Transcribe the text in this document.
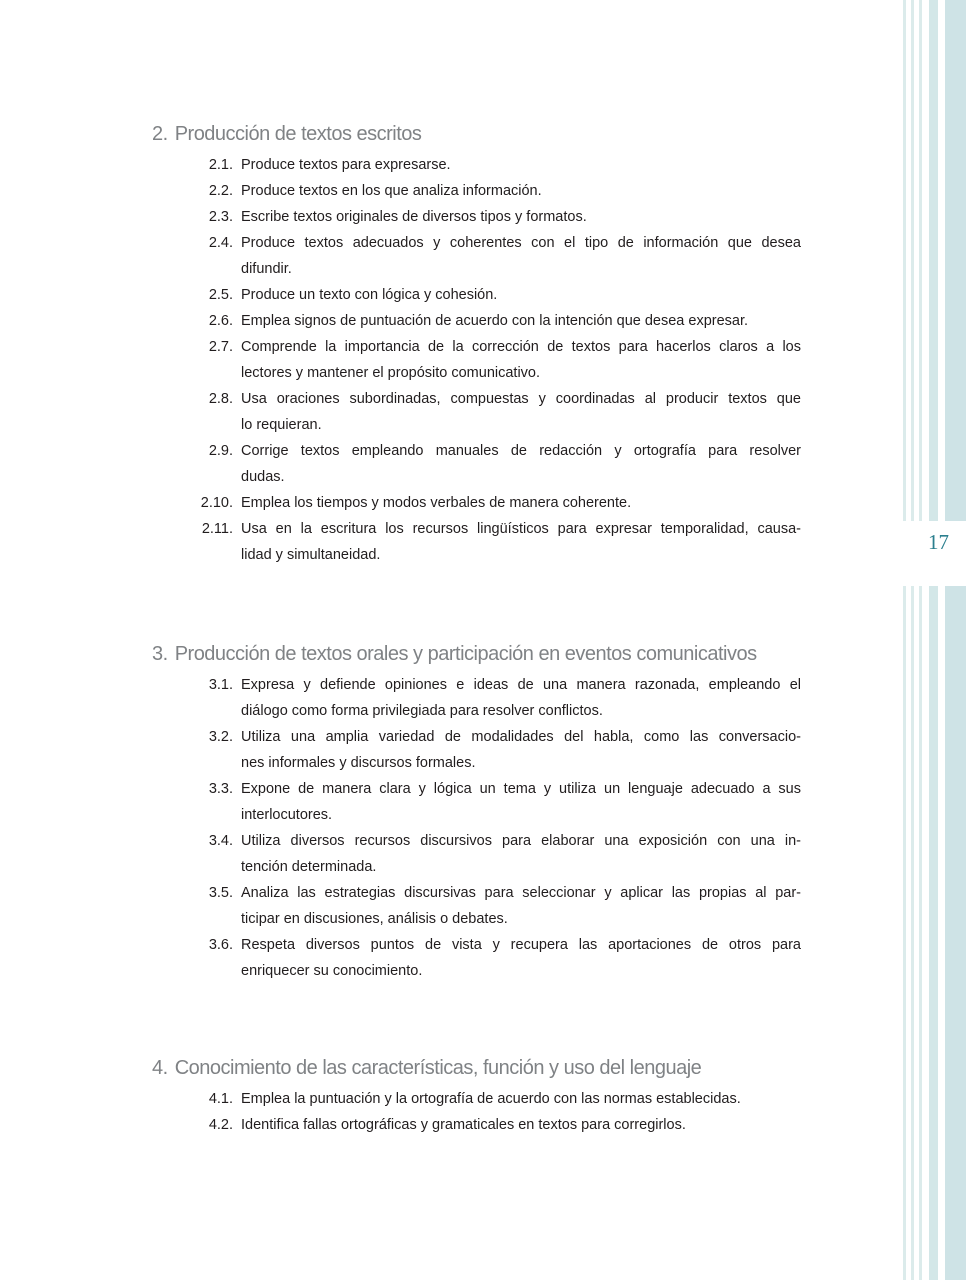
17
2. Producción de textos escritos
2.1. Produce textos para expresarse.
2.2. Produce textos en los que analiza información.
2.3. Escribe textos originales de diversos tipos y formatos.
2.4. Produce textos adecuados y coherentes con el tipo de información que desea
difundir.
2.5. Produce un texto con lógica y cohesión.
2.6. Emplea signos de puntuación de acuerdo con la intención que desea expresar.
2.7. Comprende la importancia de la corrección de textos para hacerlos claros a los
lectores y mantener el propósito comunicativo.
2.8. Usa oraciones subordinadas, compuestas y coordinadas al producir textos que
lo requieran.
2.9. Corrige textos empleando manuales de redacción y ortografía para resolver
dudas.
2.10. Emplea los tiempos y modos verbales de manera coherente.
2.11. Usa en la escritura los recursos lingüísticos para expresar temporalidad, causa-
lidad y simultaneidad.
3. Producción de textos orales y participación en eventos comunicativos
3.1. Expresa y defiende opiniones e ideas de una manera razonada, empleando el
diálogo como forma privilegiada para resolver conflictos.
3.2. Utiliza una amplia variedad de modalidades del habla, como las conversacio-
nes informales y discursos formales.
3.3. Expone de manera clara y lógica un tema y utiliza un lenguaje adecuado a sus
interlocutores.
3.4. Utiliza diversos recursos discursivos para elaborar una exposición con una in-
tención determinada.
3.5. Analiza las estrategias discursivas para seleccionar y aplicar las propias al par-
ticipar en discusiones, análisis o debates.
3.6. Respeta diversos puntos de vista y recupera las aportaciones de otros para
enriquecer su conocimiento.
4. Conocimiento de las características, función y uso del lenguaje
4.1. Emplea la puntuación y la ortografía de acuerdo con las normas establecidas.
4.2. Identifica fallas ortográficas y gramaticales en textos para corregirlos.
